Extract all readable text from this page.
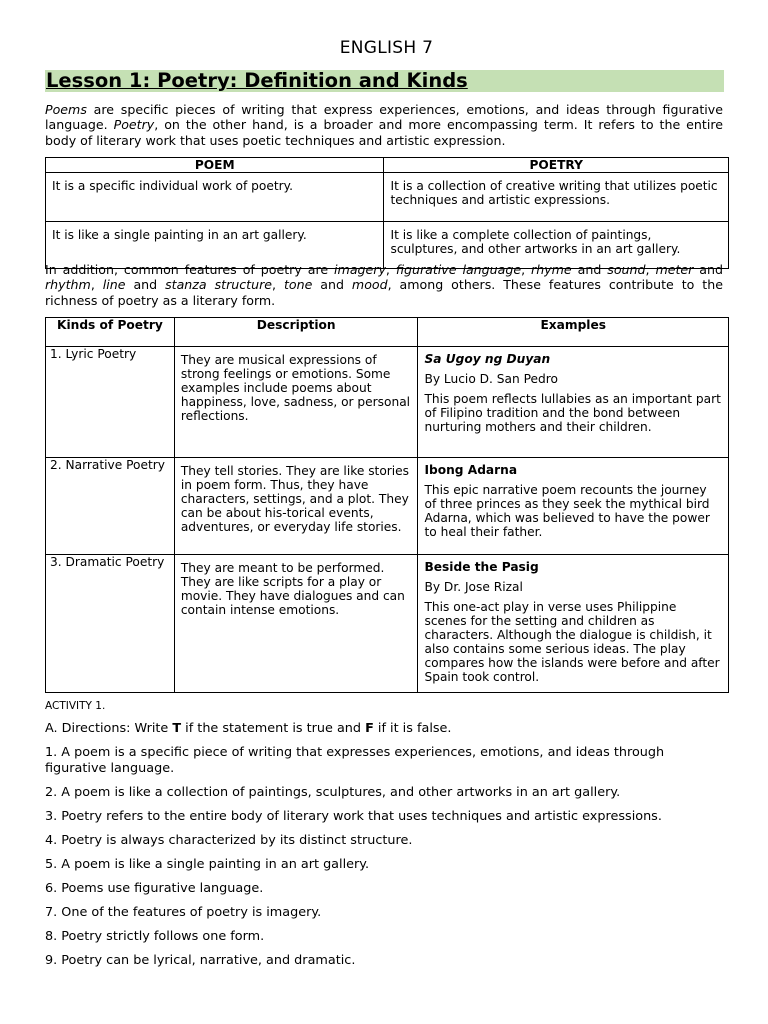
ENGLISH 7
Lesson 1: Poetry: Definition and Kinds
Poems are specific pieces of writing that express experiences, emotions, and ideas through figurative language. Poetry, on the other hand, is a broader and more encompassing term. It refers to the entire body of literary work that uses poetic techniques and artistic expression.
POEM	POETRY
It is a specific individual work of poetry.	It is a collection of creative writing that utilizes poetic techniques and artistic expressions.
It is like a single painting in an art gallery.	It is like a complete collection of paintings, sculptures, and other artworks in an art gallery.
In addition, common features of poetry are imagery, figurative language, rhyme and sound, meter and rhythm, line and stanza structure, tone and mood, among others. These features contribute to the richness of poetry as a literary form.
Kinds of Poetry	Description	Examples
1. Lyric Poetry	They are musical expressions of strong feelings or emotions. Some examples include poems about happiness, love, sadness, or personal reflections.	Sa Ugoy ng Duyan
By Lucio D. San Pedro
This poem reflects lullabies as an important part of Filipino tradition and the bond between nurturing mothers and their children.

2. Narrative Poetry	They tell stories. They are like stories in poem form. Thus, they have characters, settings, and a plot. They can be about his-torical events, adventures, or everyday life stories.	Ibong Adarna
This epic narrative poem recounts the journey of three princes as they seek the mythical bird Adarna, which was believed to have the power to heal their father.

3. Dramatic Poetry	They are meant to be performed. They are like scripts for a play or movie. They have dialogues and can contain intense emotions.	Beside the Pasig
By Dr. Jose Rizal
This one-act play in verse uses Philippine scenes for the setting and children as characters. Although the dialogue is childish, it also contains some serious ideas. The play compares how the islands were before and after Spain took control.
ACTIVITY 1.
A. Directions: Write T if the statement is true and F if it is false.
1. A poem is a specific piece of writing that expresses experiences, emotions, and ideas through figurative language.
2. A poem is like a collection of paintings, sculptures, and other artworks in an art gallery.
3. Poetry refers to the entire body of literary work that uses techniques and artistic expressions.
4. Poetry is always characterized by its distinct structure.
5. A poem is like a single painting in an art gallery.
6. Poems use figurative language.
7. One of the features of poetry is imagery.
8. Poetry strictly follows one form.
9. Poetry can be lyrical, narrative, and dramatic.
